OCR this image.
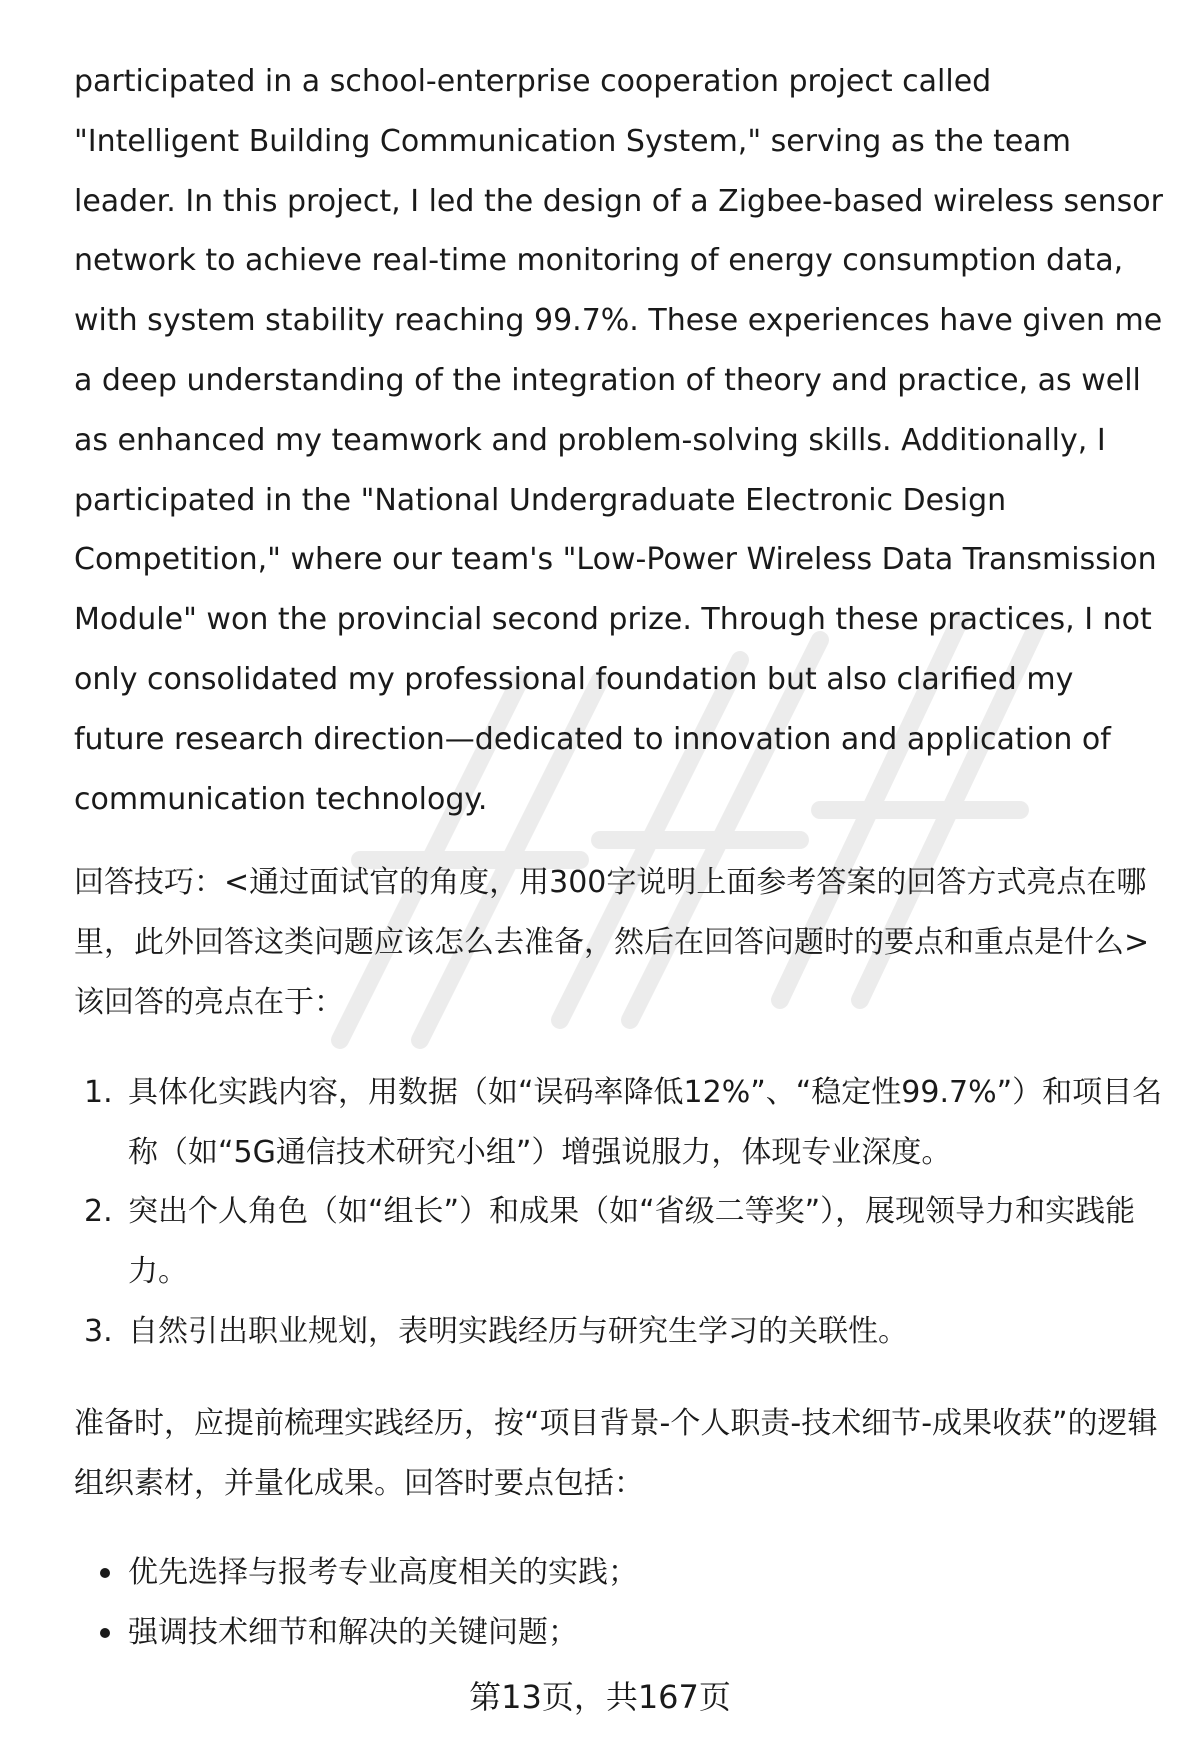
participated in a school-enterprise cooperation project called "Intelligent Building Communication System," serving as the team leader. In this project, I led the design of a Zigbee-based wireless sensor network to achieve real-time monitoring of energy consumption data, with system stability reaching 99.7%. These experiences have given me a deep understanding of the integration of theory and practice, as well as enhanced my teamwork and problem-solving skills. Additionally, I participated in the "National Undergraduate Electronic Design Competition," where our team's "Low-Power Wireless Data Transmission Module" won the provincial second prize. Through these practices, I not only consolidated my professional foundation but also clarified my future research direction—dedicated to innovation and application of communication technology.

回答技巧：<通过面试官的角度，用300字说明上面参考答案的回答方式亮点在哪里，此外回答这类问题应该怎么去准备，然后在回答问题时的要点和重点是什么>

该回答的亮点在于：

1. 具体化实践内容，用数据（如“误码率降低12%”、“稳定性99.7%”）和项目名称（如“5G通信技术研究小组”）增强说服力，体现专业深度。
2. 突出个人角色（如“组长”）和成果（如“省级二等奖”），展现领导力和实践能力。
3. 自然引出职业规划，表明实践经历与研究生学习的关联性。

准备时，应提前梳理实践经历，按“项目背景-个人职责-技术细节-成果收获”的逻辑组织素材，并量化成果。回答时要点包括：

优先选择与报考专业高度相关的实践；
强调技术细节和解决的关键问题；
第13页，共167页
